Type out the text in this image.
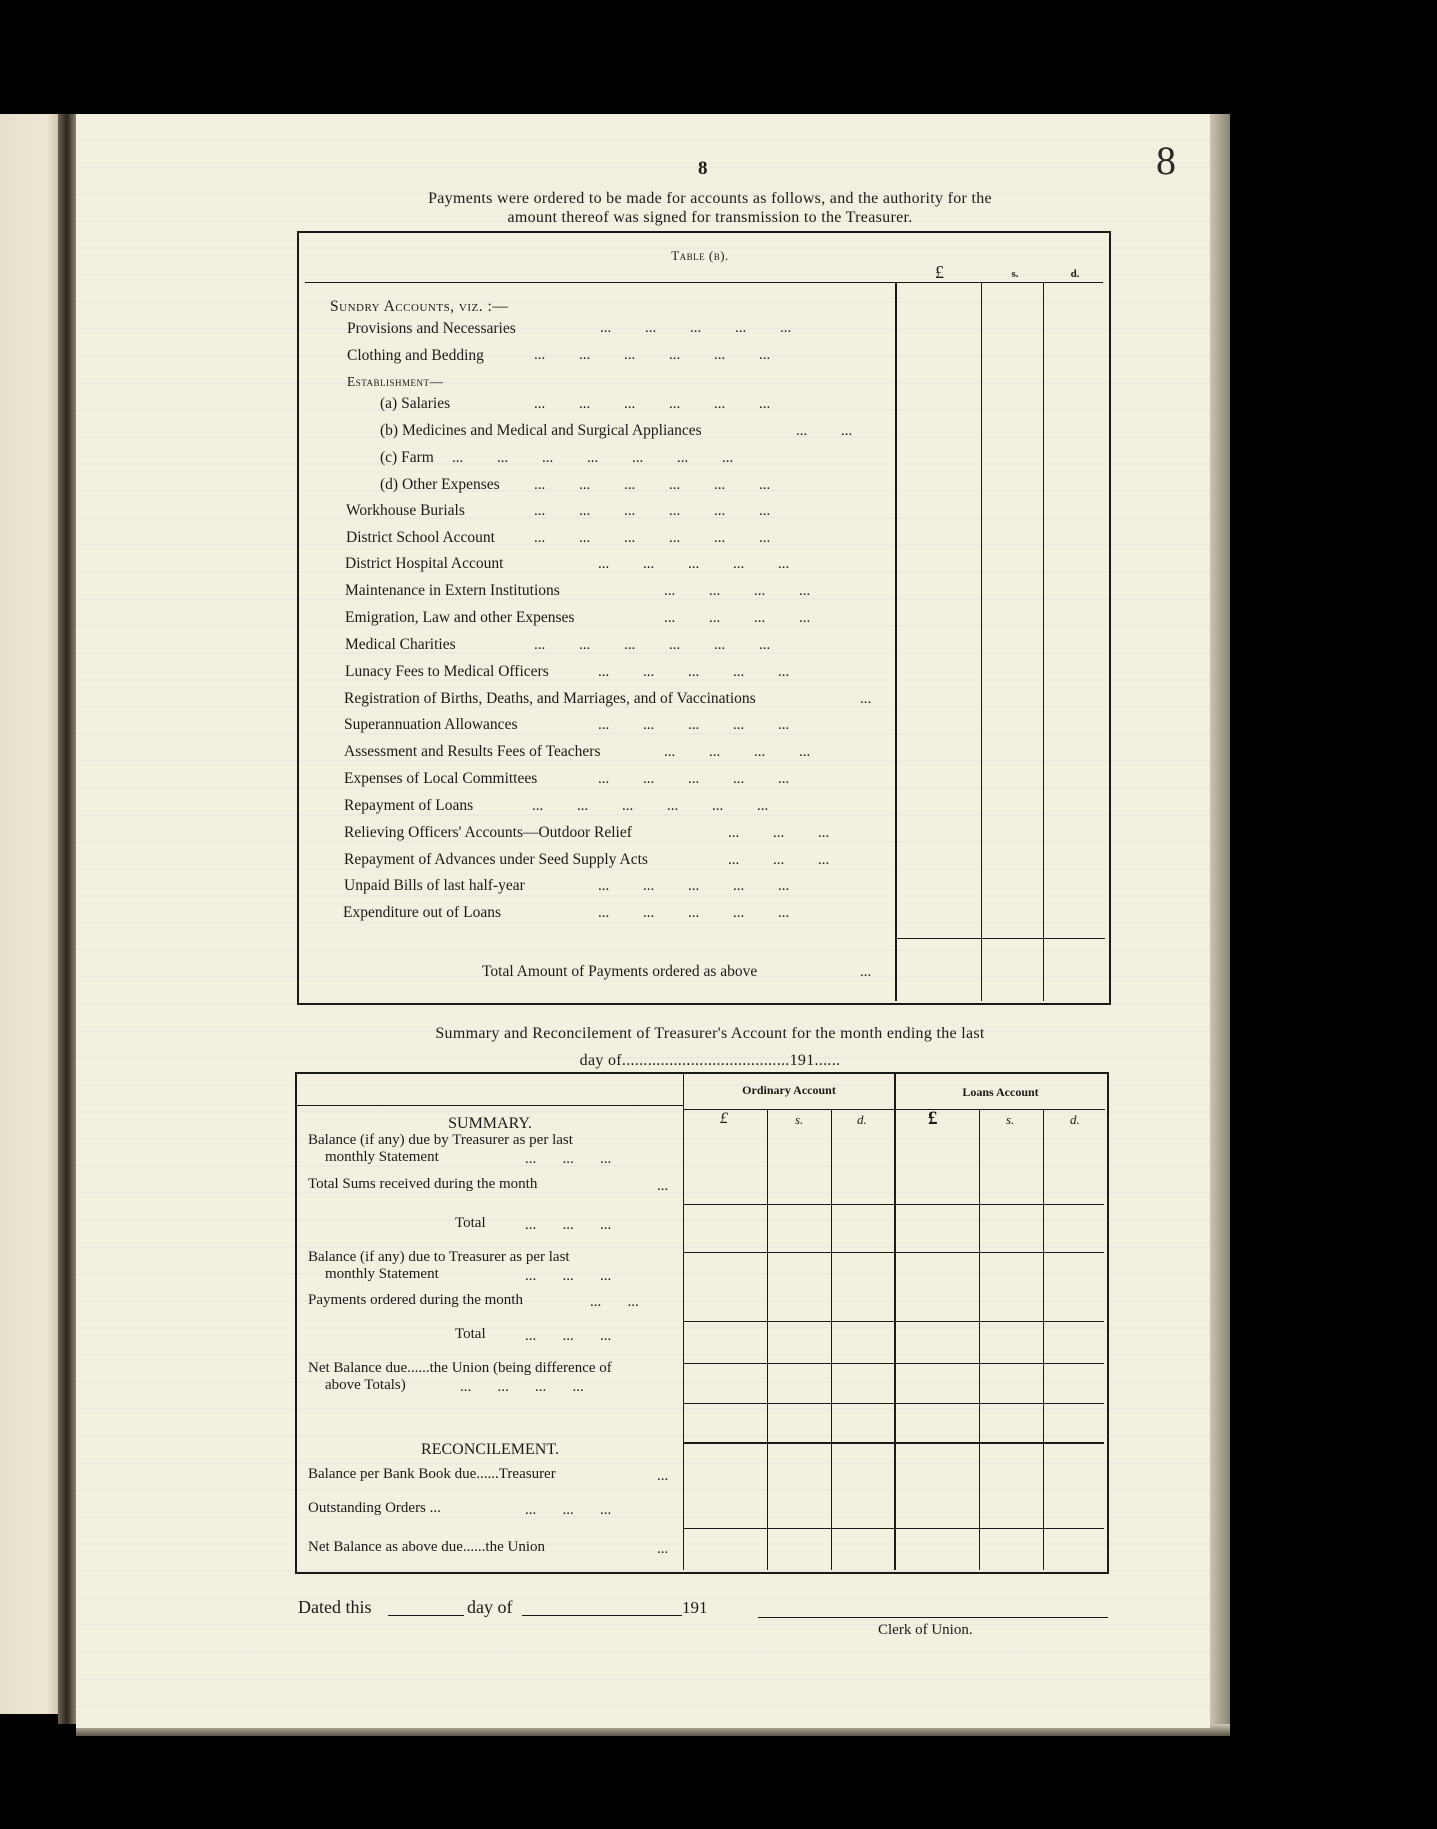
8	8
Payments were ordered to be made for accounts as follows, and the authority for the
amount thereof was signed for transmission to the Treasurer.
Table (b).
£	s.	d.
Sundry Accounts, viz. :—
Provisions and Necessaries	...         ...         ...         ...         ...
Clothing and Bedding	...         ...         ...         ...         ...         ...
Establishment—
(a) Salaries	...         ...         ...         ...         ...         ...
(b) Medicines and Medical and Surgical Appliances	...         ...
(c) Farm ...         ...         ...         ...         ...         ...         ...
(d) Other Expenses ...         ...         ...         ...         ...         ...
Workhouse Burials	...         ...         ...         ...         ...         ...
District School Account	...         ...         ...         ...         ...         ...
District Hospital Account	...         ...         ...         ...         ...
Maintenance in Extern Institutions	...         ...         ...         ...
Emigration, Law and other Expenses	...         ...         ...         ...
Medical Charities	...         ...         ...         ...         ...         ...
Lunacy Fees to Medical Officers	...         ...         ...         ...         ...
Registration of Births, Deaths, and Marriages, and of Vaccinations	...
Superannuation Allowances	...         ...         ...         ...         ...
Assessment and Results Fees of Teachers	...         ...         ...         ...
Expenses of Local Committees	...         ...         ...         ...         ...
Repayment of Loans	...         ...         ...         ...         ...         ...
Relieving Officers' Accounts—Outdoor Relief	...         ...         ...
Repayment of Advances under Seed Supply Acts	...         ...         ...
Unpaid Bills of last half-year	...         ...         ...         ...         ...
Expenditure out of Loans	...         ...         ...         ...         ...
Total Amount of Payments ordered as above	...
Summary and Reconcilement of Treasurer's Account for the month ending the last
day of.......................................191......
Ordinary Account	Loans Account
£	s.	d.	£	s.	d.
SUMMARY.
Balance (if any) due by Treasurer as per last
monthly Statement	...       ...       ...
Total Sums received during the month	...
Total	...       ...       ...
Balance (if any) due to Treasurer as per last
monthly Statement	...       ...       ...
Payments ordered during the month	...       ...
Total	...       ...       ...
Net Balance due......the Union (being difference of
above Totals)	...       ...       ...       ...
RECONCILEMENT.
Balance per Bank Book due......Treasurer	...
Outstanding Orders ...	...       ...       ...
Net Balance as above due......the Union	...
Dated this	day of	191
Clerk of Union.
